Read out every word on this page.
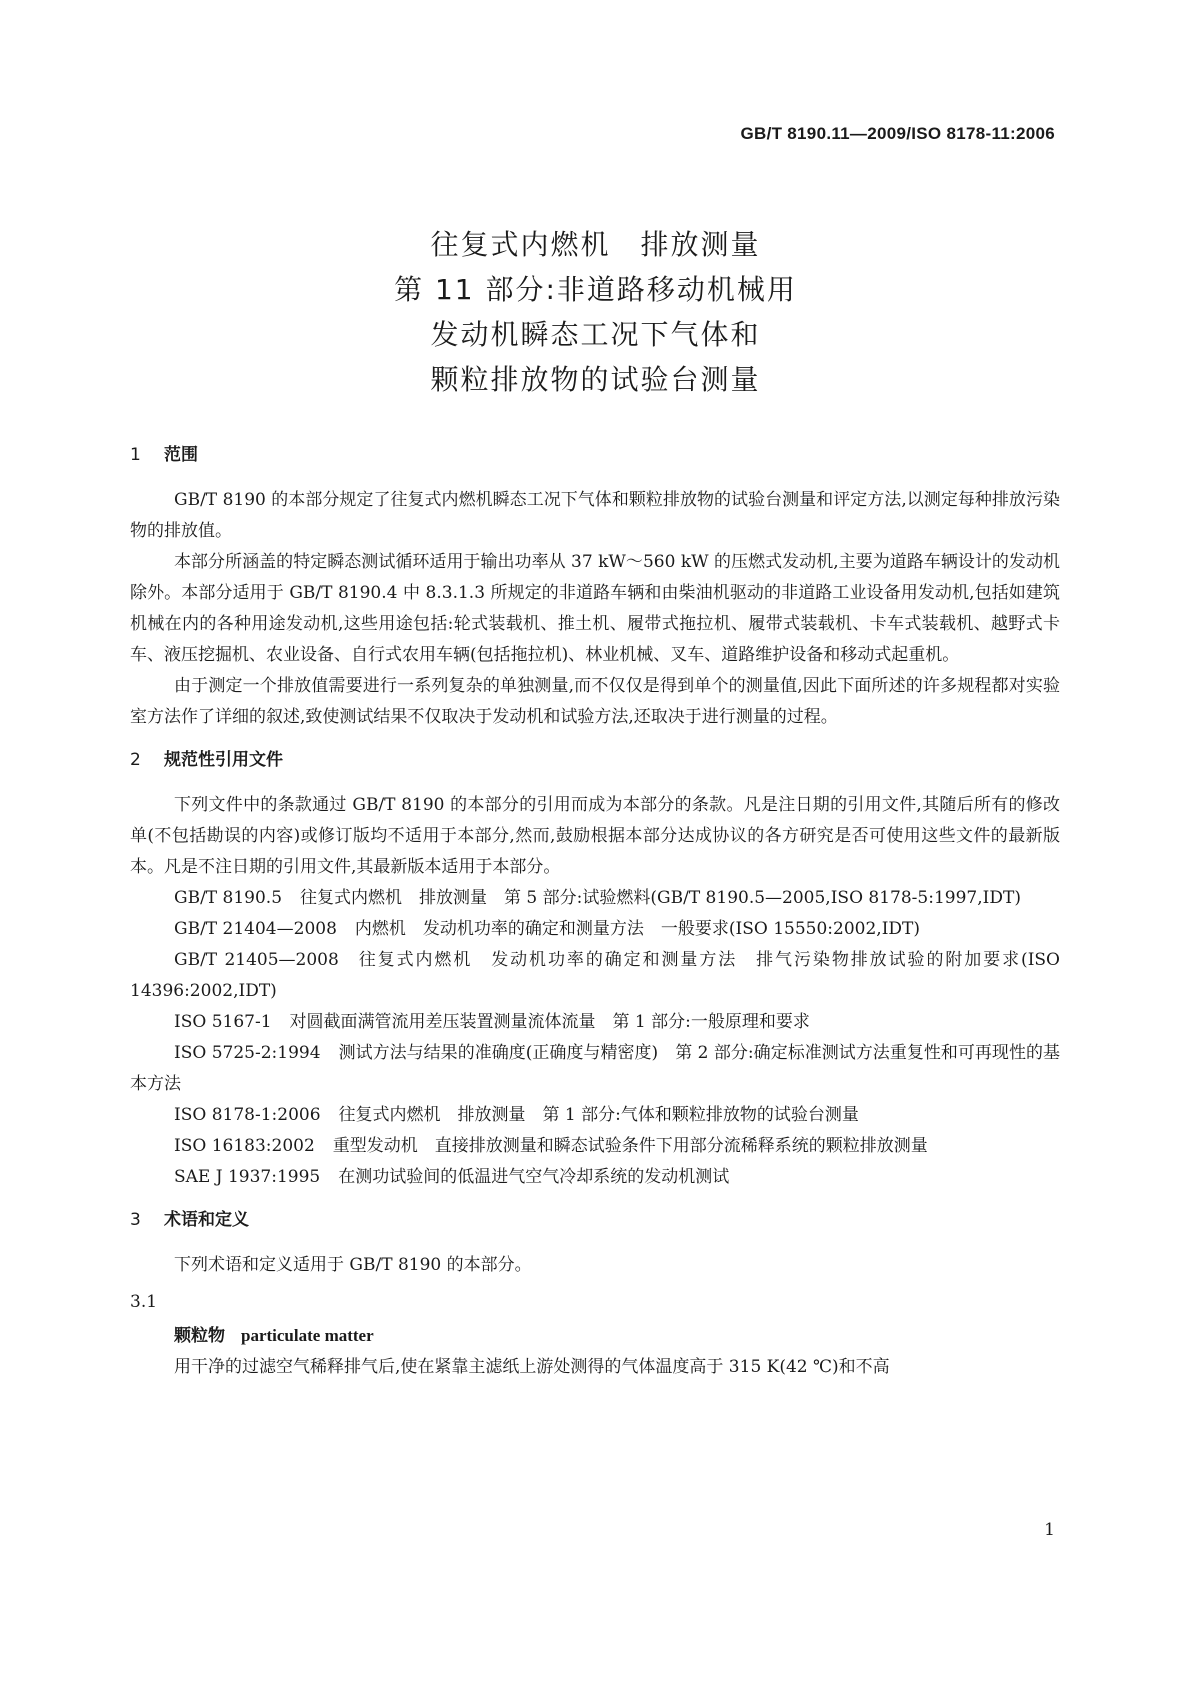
GB/T 8190.11—2009/ISO 8178-11:2006
往复式内燃机　排放测量
第 11 部分:非道路移动机械用
发动机瞬态工况下气体和
颗粒排放物的试验台测量
1 范围

GB/T 8190 的本部分规定了往复式内燃机瞬态工况下气体和颗粒排放物的试验台测量和评定方法,以测定每种排放污染物的排放值。

本部分所涵盖的特定瞬态测试循环适用于输出功率从 37 kW～560 kW 的压燃式发动机,主要为道路车辆设计的发动机除外。本部分适用于 GB/T 8190.4 中 8.3.1.3 所规定的非道路车辆和由柴油机驱动的非道路工业设备用发动机,包括如建筑机械在内的各种用途发动机,这些用途包括:轮式装载机、推土机、履带式拖拉机、履带式装载机、卡车式装载机、越野式卡车、液压挖掘机、农业设备、自行式农用车辆(包括拖拉机)、林业机械、叉车、道路维护设备和移动式起重机。

由于测定一个排放值需要进行一系列复杂的单独测量,而不仅仅是得到单个的测量值,因此下面所述的许多规程都对实验室方法作了详细的叙述,致使测试结果不仅取决于发动机和试验方法,还取决于进行测量的过程。

2 规范性引用文件

下列文件中的条款通过 GB/T 8190 的本部分的引用而成为本部分的条款。凡是注日期的引用文件,其随后所有的修改单(不包括勘误的内容)或修订版均不适用于本部分,然而,鼓励根据本部分达成协议的各方研究是否可使用这些文件的最新版本。凡是不注日期的引用文件,其最新版本适用于本部分。

GB/T 8190.5 往复式内燃机　排放测量　第 5 部分:试验燃料(GB/T 8190.5—2005,ISO 8178-5:1997,IDT)
GB/T 21404—2008 内燃机　发动机功率的确定和测量方法　一般要求(ISO 15550:2002,IDT)
GB/T 21405—2008 往复式内燃机　发动机功率的确定和测量方法　排气污染物排放试验的附加要求(ISO 14396:2002,IDT)
ISO 5167-1 对圆截面满管流用差压装置测量流体流量　第 1 部分:一般原理和要求
ISO 5725-2:1994 测试方法与结果的准确度(正确度与精密度)　第 2 部分:确定标准测试方法重复性和可再现性的基本方法
ISO 8178-1:2006 往复式内燃机　排放测量　第 1 部分:气体和颗粒排放物的试验台测量
ISO 16183:2002 重型发动机　直接排放测量和瞬态试验条件下用部分流稀释系统的颗粒排放测量
SAE J 1937:1995 在测功试验间的低温进气空气冷却系统的发动机测试
3 术语和定义

下列术语和定义适用于 GB/T 8190 的本部分。

3.1
颗粒物 particulate matter

用干净的过滤空气稀释排气后,使在紧靠主滤纸上游处测得的气体温度高于 315 K(42 ℃)和不高

1
